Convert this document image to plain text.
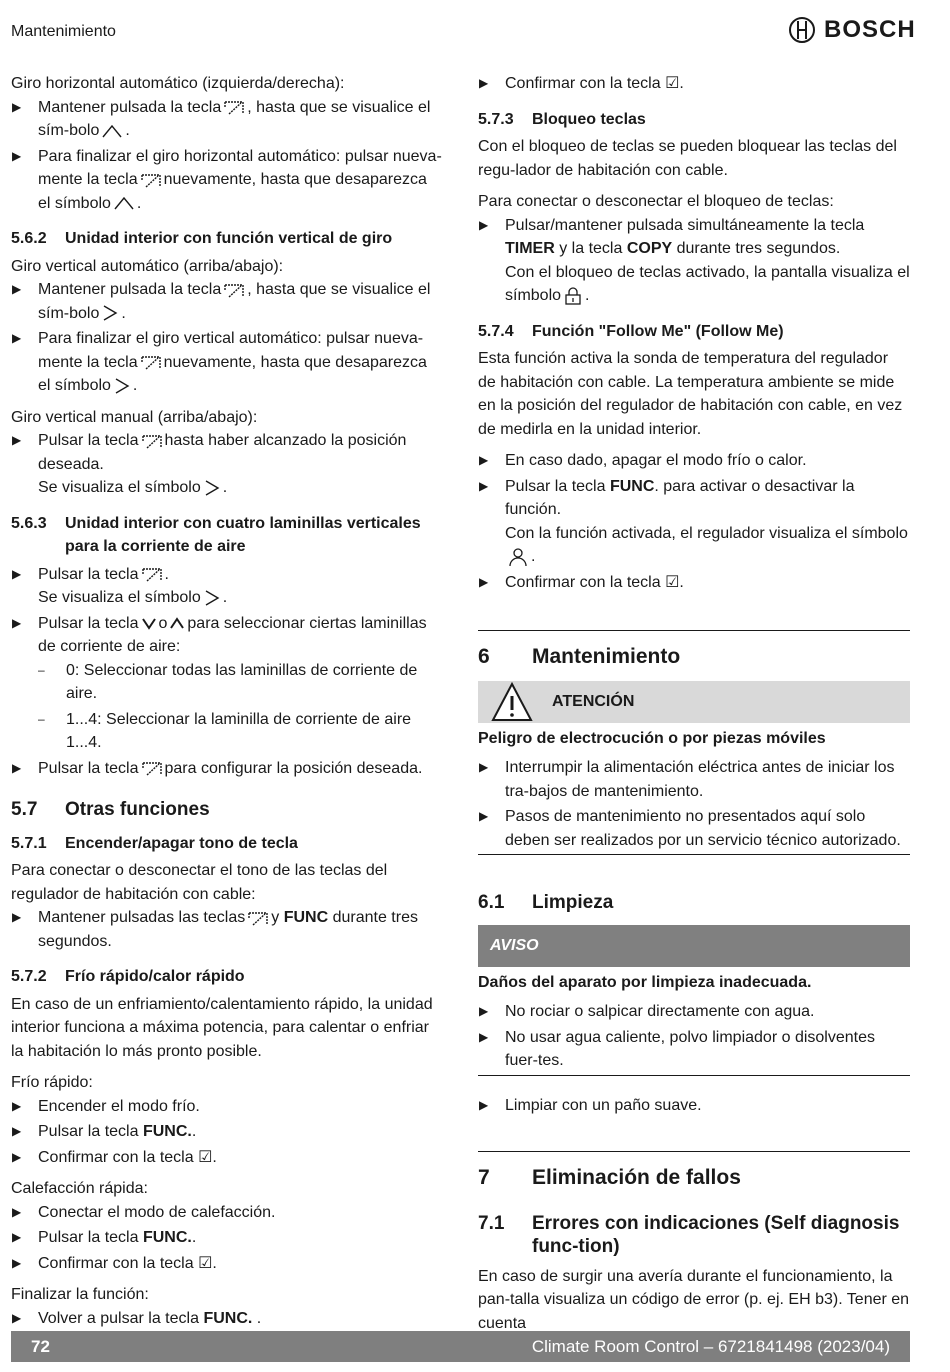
Mantenimiento	BOSCH

Giro horizontal automático (izquierda/derecha):

▶ Mantener pulsada la tecla , hasta que se visualice el sím-bolo .
▶ Para finalizar el giro horizontal automático: pulsar nueva-mente la tecla nuevamente, hasta que desaparezca el símbolo .
5.6.2	Unidad interior con función vertical de giro

Giro vertical automático (arriba/abajo):

▶ Mantener pulsada la tecla , hasta que se visualice el sím-bolo .
▶ Para finalizar el giro vertical automático: pulsar nueva-mente la tecla nuevamente, hasta que desaparezca el símbolo .

Giro vertical manual (arriba/abajo):

▶ Pulsar la tecla hasta haber alcanzado la posición deseada.
Se visualiza el símbolo .
5.6.3	Unidad interior con cuatro laminillas verticales para la corriente de aire
▶ Pulsar la tecla .
Se visualiza el símbolo .
▶ Pulsar la tecla o para seleccionar ciertas laminillas de corriente de aire:
– 0: Seleccionar todas las laminillas de corriente de aire.
– 1...4: Seleccionar la laminilla de corriente de aire 1...4.
▶ Pulsar la tecla para configurar la posición deseada.
5.7	Otras funciones
5.7.1	Encender/apagar tono de tecla

Para conectar o desconectar el tono de las teclas del regulador de habitación con cable:

▶ Mantener pulsadas las teclas y FUNC durante tres segundos.
5.7.2	Frío rápido/calor rápido

En caso de un enfriamiento/calentamiento rápido, la unidad interior funciona a máxima potencia, para calentar o enfriar la habitación lo más pronto posible.

Frío rápido:

▶ Encender el modo frío.
▶ Pulsar la tecla FUNC..
▶ Confirmar con la tecla ☑.

Calefacción rápida:

▶ Conectar el modo de calefacción.
▶ Pulsar la tecla FUNC..
▶ Confirmar con la tecla ☑.

Finalizar la función:

▶ Volver a pulsar la tecla FUNC. .
▶ Confirmar con la tecla ☑.
5.7.3	Bloqueo teclas

Con el bloqueo de teclas se pueden bloquear las teclas del regu-lador de habitación con cable.

Para conectar o desconectar el bloqueo de teclas:

▶ Pulsar/mantener pulsada simultáneamente la tecla TIMER y la tecla COPY durante tres segundos.
Con el bloqueo de teclas activado, la pantalla visualiza el símbolo .
5.7.4	Función "Follow Me" (Follow Me)

Esta función activa la sonda de temperatura del regulador de habitación con cable. La temperatura ambiente se mide en la posición del regulador de habitación con cable, en vez de medirla en la unidad interior.

▶ En caso dado, apagar el modo frío o calor.
▶ Pulsar la tecla FUNC. para activar o desactivar la función.
Con la función activada, el regulador visualiza el símbolo
.
▶ Confirmar con la tecla ☑.
6	Mantenimiento
ATENCIÓN
Peligro de electrocución o por piezas móviles
▶ Interrumpir la alimentación eléctrica antes de iniciar los tra-bajos de mantenimiento.
▶ Pasos de mantenimiento no presentados aquí solo deben ser realizados por un servicio técnico autorizado.
6.1	Limpieza
AVISO
Daños del aparato por limpieza inadecuada.
▶ No rociar o salpicar directamente con agua.
▶ No usar agua caliente, polvo limpiador o disolventes fuer-tes.
▶ Limpiar con un paño suave.
7	Eliminación de fallos
7.1	Errores con indicaciones (Self diagnosis func-tion)

En caso de surgir una avería durante el funcionamiento, la pan-talla visualiza un código de error (p. ej. EH b3). Tener en cuenta

72	Climate Room Control – 6721841498 (2023/04)
